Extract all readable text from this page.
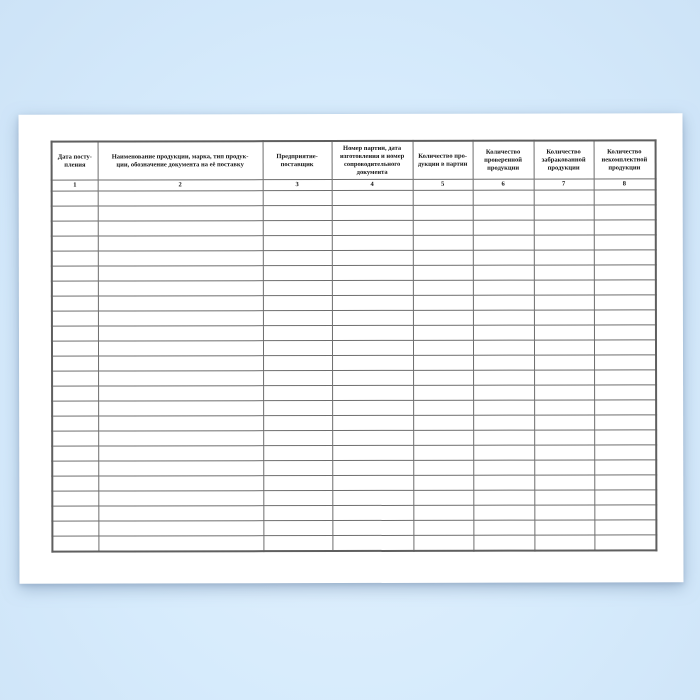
Дата посту-
пления	Наименование продукции, марка, тип продук-
ции, обозначение документа на её поставку	Предприятие-
поставщик	Номер партии, дата
изготовления и номер
сопроводительного
документа	Количество про-
дукции в партии	Количество
проверенной
продукции	Количество
забракованной
продукции	Количество
некомплектной
продукции
1	2	3	4	5	6	7	8
